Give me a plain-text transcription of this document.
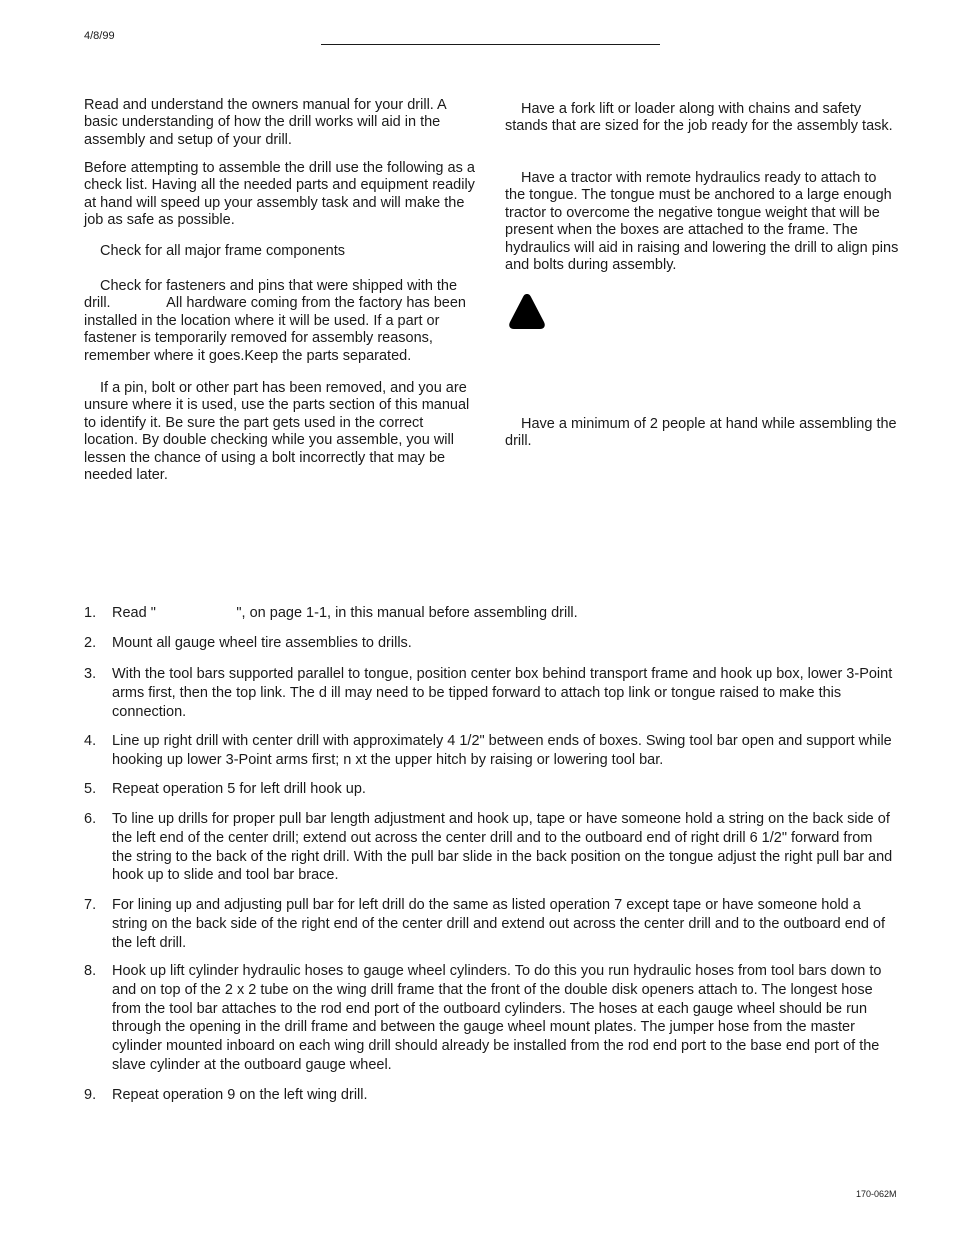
4/8/99

Read and understand the owners manual for your drill. A basic understanding of how the drill works will aid in the assembly and setup of your drill.

Before attempting to assemble the drill use the following as a check list. Having all the needed parts and equipment readily at hand will speed up your assembly task and will make the job as safe as possible.

Check for all major frame components

Check for fasteners and pins that were shipped with the drill.              All hardware coming from the factory has been installed in the location where it will be used. If a part or fastener is temporarily removed for assembly reasons, remember where it goes.Keep the parts separated.

If a pin, bolt or other part has been removed, and you are unsure where it is used, use the parts section of this manual to identify it. Be sure the part gets used in the correct location. By double checking while you assemble, you will lessen the chance of using a bolt incorrectly that may be needed later.

Have a fork lift or loader along with chains and safety stands that are sized for the job ready for the assembly task.

Have a tractor with remote hydraulics ready to attach to the tongue. The tongue must be anchored to a large enough tractor to overcome the negative tongue weight that will be present when the boxes are attached to the frame. The hydraulics will aid in raising and lowering the drill to align pins and bolts during assembly.

Have a minimum of 2 people at hand while assembling the drill.

1.	Read "                    ", on page 1-1, in this manual before assembling drill.
2.	Mount all gauge wheel tire assemblies to drills.
3.	With the tool bars supported parallel to tongue, position center box behind transport frame and hook up box, lower 3-Point arms first, then the top link. The d ill may need to be tipped forward to attach top link or tongue raised to make this connection.
4.	Line up right drill with center drill with approximately 4 1/2" between ends of boxes. Swing tool bar open and support while hooking up lower 3-Point arms first; n xt the upper hitch by raising or lowering tool bar.
5.	Repeat operation 5 for left drill hook up.
6.	To line up drills for proper pull bar length adjustment and hook up, tape or have someone hold a string on the back side of the left end of the center drill; extend out across the center drill and to the outboard end of right drill 6 1/2" forward from the string to the back of the right drill. With the pull bar slide in the back position on the tongue adjust the right pull bar and hook up to slide and tool bar brace.
7.	For lining up and adjusting pull bar for left drill do the same as listed operation 7 except tape or have someone hold a string on the back side of the right end of the center drill and extend out across the center drill and to the outboard end of the left drill.
8.	Hook up lift cylinder hydraulic hoses to gauge wheel cylinders. To do this you run hydraulic hoses from tool bars down to and on top of the 2 x 2 tube on the wing drill frame that the front of the double disk openers attach to. The longest hose from the tool bar attaches to the rod end port of the outboard cylinders. The hoses at each gauge wheel should be run through the opening in the drill frame and between the gauge wheel mount plates. The jumper hose from the master cylinder mounted inboard on each wing drill should already be installed from the rod end port to the base end port of the slave cylinder at the outboard gauge wheel.
9.	Repeat operation 9 on the left wing drill.
170-062M
